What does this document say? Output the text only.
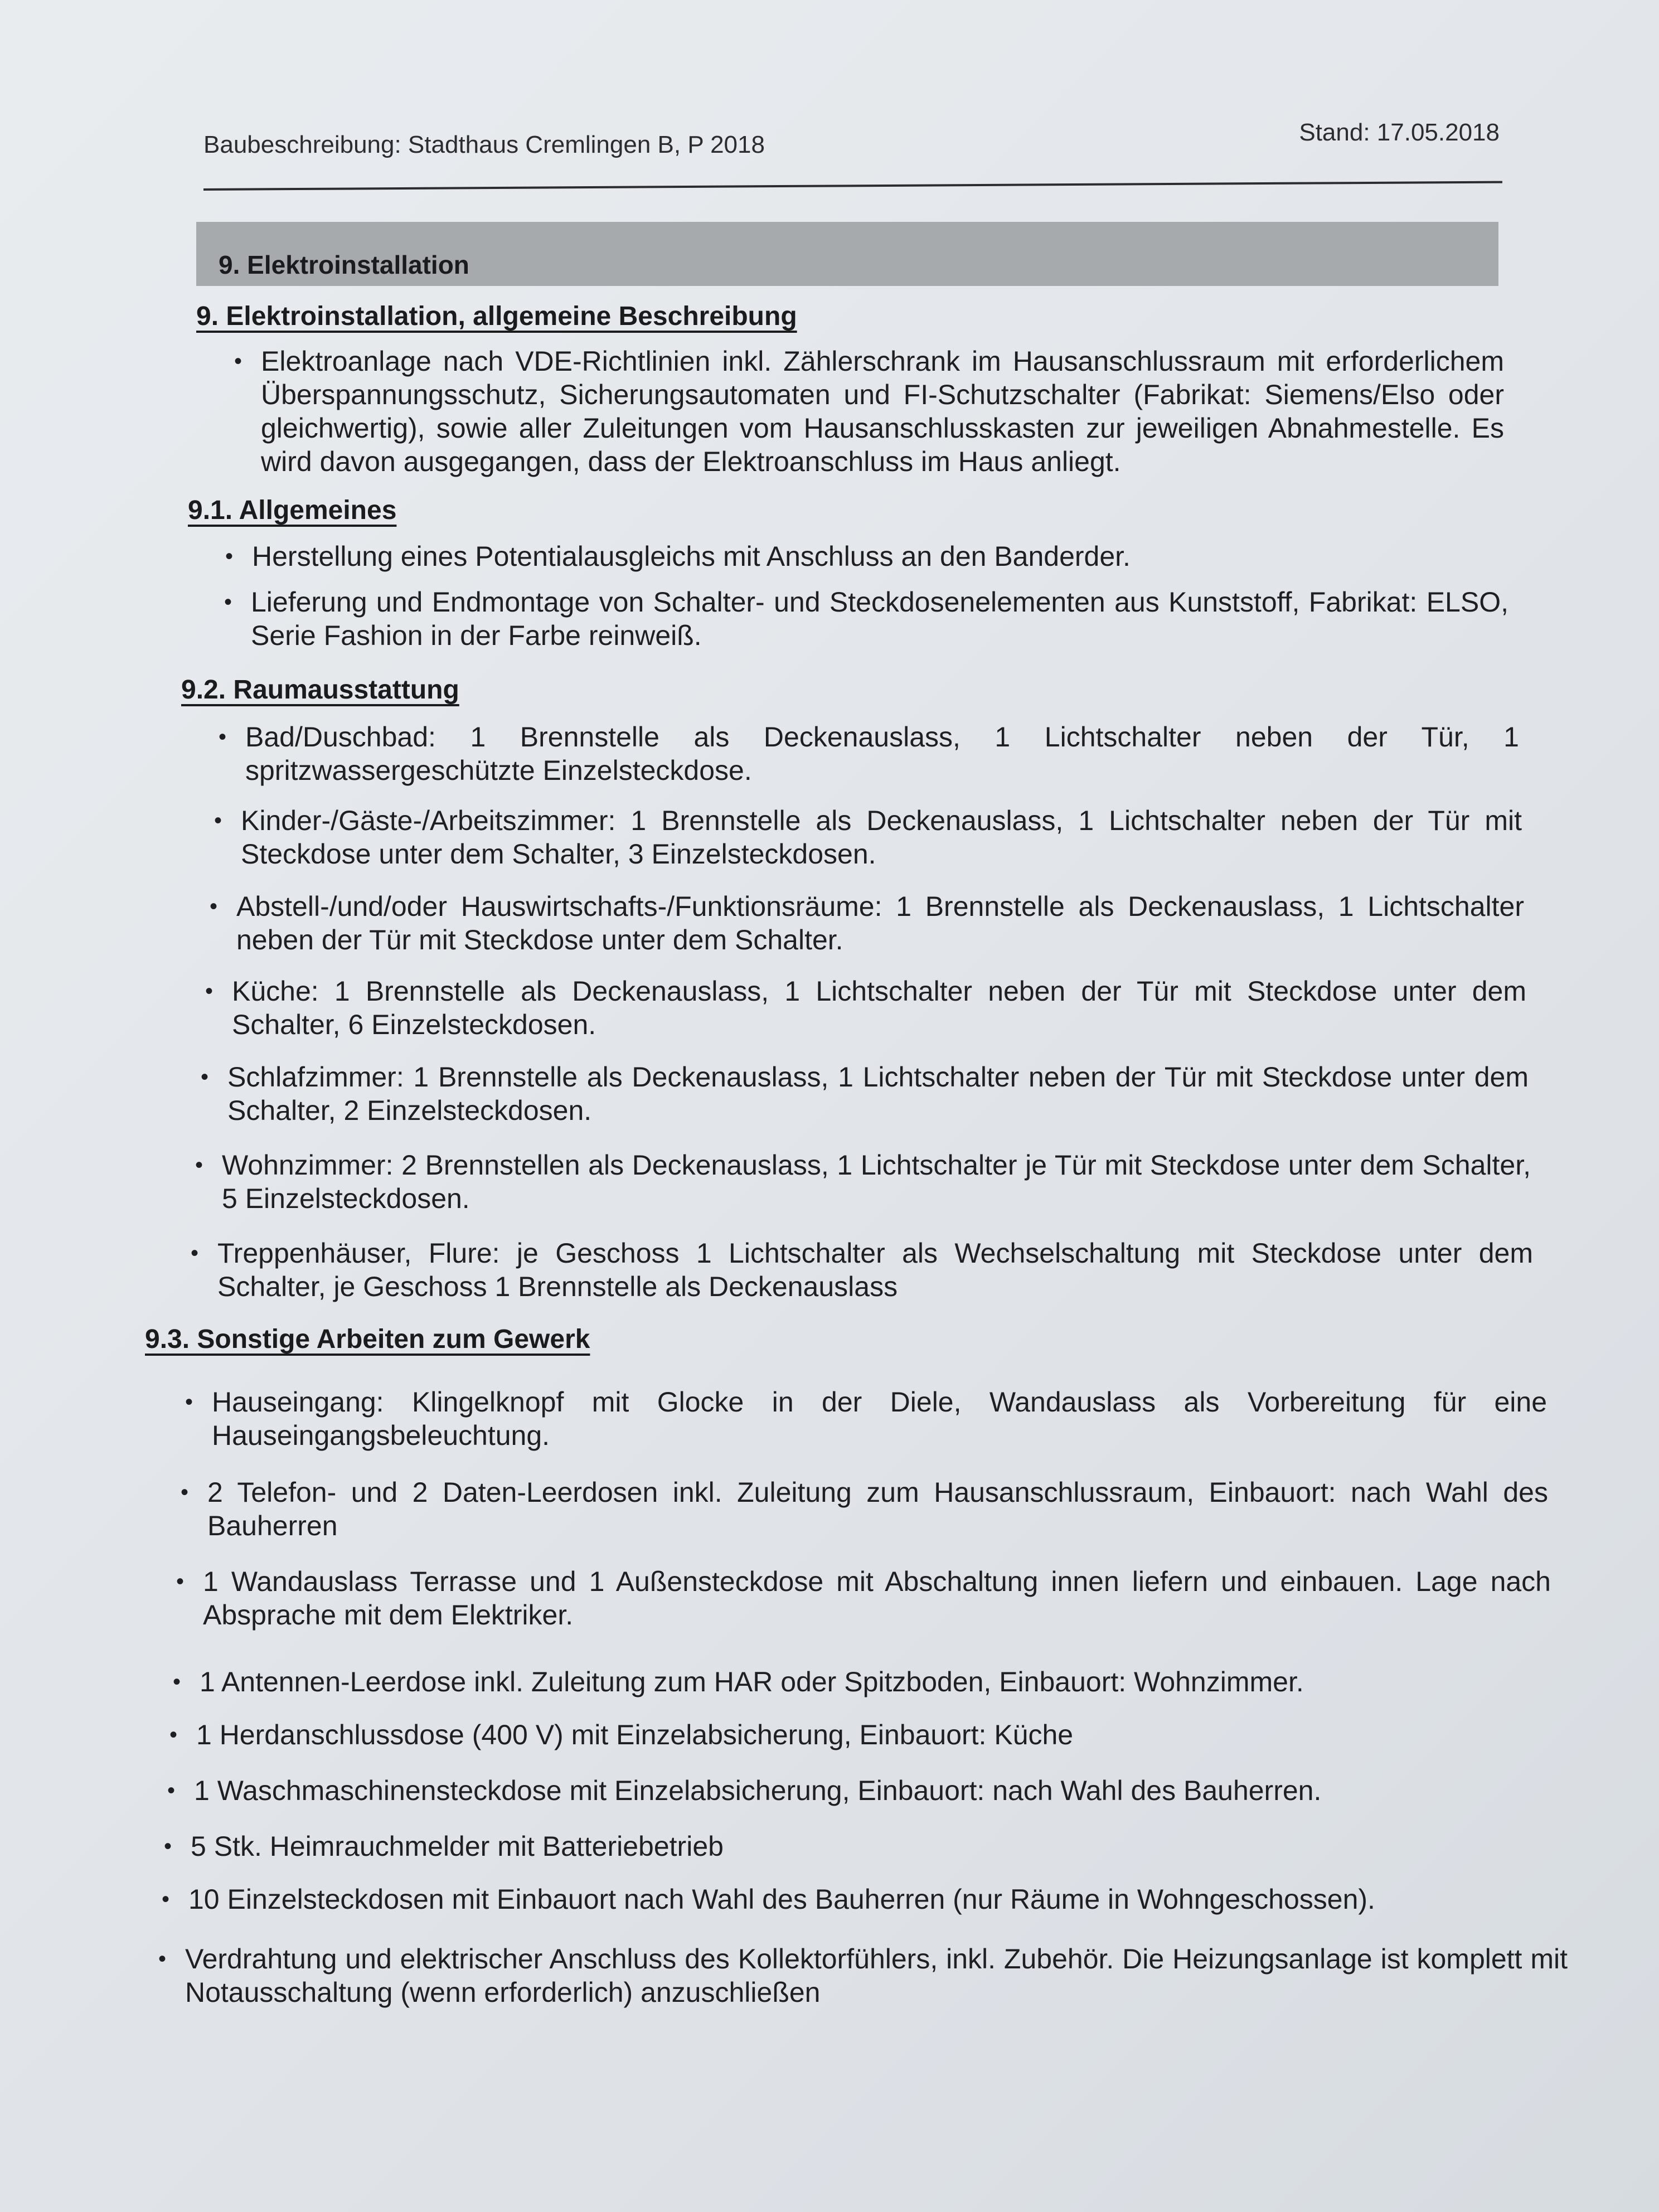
Baubeschreibung: Stadthaus Cremlingen B, P 2018	Stand: 17.05.2018
9. Elektroinstallation
9. Elektroinstallation, allgemeine Beschreibung
• Elektroanlage nach VDE-Richtlinien inkl. Zählerschrank im Hausanschlussraum mit erforderlichem Überspannungsschutz, Sicherungsautomaten und FI-Schutzschalter (Fabrikat: Siemens/Elso oder gleichwertig), sowie aller Zuleitungen vom Hausanschlusskasten zur jeweiligen Abnahmestelle. Es wird davon ausgegangen, dass der Elektroanschluss im Haus anliegt.
9.1. Allgemeines
• Herstellung eines Potentialausgleichs mit Anschluss an den Banderder.
• Lieferung und Endmontage von Schalter- und Steckdosenelementen aus Kunststoff, Fabrikat: ELSO, Serie Fashion in der Farbe reinweiß.
9.2. Raumausstattung
• Bad/Duschbad: 1 Brennstelle als Deckenauslass, 1 Lichtschalter neben der Tür, 1 spritzwassergeschützte Einzelsteckdose.
• Kinder-/Gäste-/Arbeitszimmer: 1 Brennstelle als Deckenauslass, 1 Lichtschalter neben der Tür mit Steckdose unter dem Schalter, 3 Einzelsteckdosen.
• Abstell-/und/oder Hauswirtschafts-/Funktionsräume: 1 Brennstelle als Deckenauslass, 1 Lichtschalter neben der Tür mit Steckdose unter dem Schalter.
• Küche: 1 Brennstelle als Deckenauslass, 1 Lichtschalter neben der Tür mit Steckdose unter dem Schalter, 6 Einzelsteckdosen.
• Schlafzimmer: 1 Brennstelle als Deckenauslass, 1 Lichtschalter neben der Tür mit Steckdose unter dem Schalter, 2 Einzelsteckdosen.
• Wohnzimmer: 2 Brennstellen als Deckenauslass, 1 Lichtschalter je Tür mit Steckdose unter dem Schalter, 5 Einzelsteckdosen.
• Treppenhäuser, Flure: je Geschoss 1 Lichtschalter als Wechselschaltung mit Steckdose unter dem Schalter, je Geschoss 1 Brennstelle als Deckenauslass
9.3. Sonstige Arbeiten zum Gewerk
• Hauseingang: Klingelknopf mit Glocke in der Diele, Wandauslass als Vorbereitung für eine Hauseingangsbeleuchtung.
• 2 Telefon- und 2 Daten-Leerdosen inkl. Zuleitung zum Hausanschlussraum, Einbauort: nach Wahl des Bauherren
• 1 Wandauslass Terrasse und 1 Außensteckdose mit Abschaltung innen liefern und einbauen. Lage nach Absprache mit dem Elektriker.
• 1 Antennen-Leerdose inkl. Zuleitung zum HAR oder Spitzboden, Einbauort: Wohnzimmer.
• 1 Herdanschlussdose (400 V) mit Einzelabsicherung, Einbauort: Küche
• 1 Waschmaschinensteckdose mit Einzelabsicherung, Einbauort: nach Wahl des Bauherren.
• 5 Stk. Heimrauchmelder mit Batteriebetrieb
• 10 Einzelsteckdosen mit Einbauort nach Wahl des Bauherren (nur Räume in Wohngeschossen).
• Verdrahtung und elektrischer Anschluss des Kollektorfühlers, inkl. Zubehör. Die Heizungsanlage ist komplett mit Notausschaltung (wenn erforderlich) anzuschließen
